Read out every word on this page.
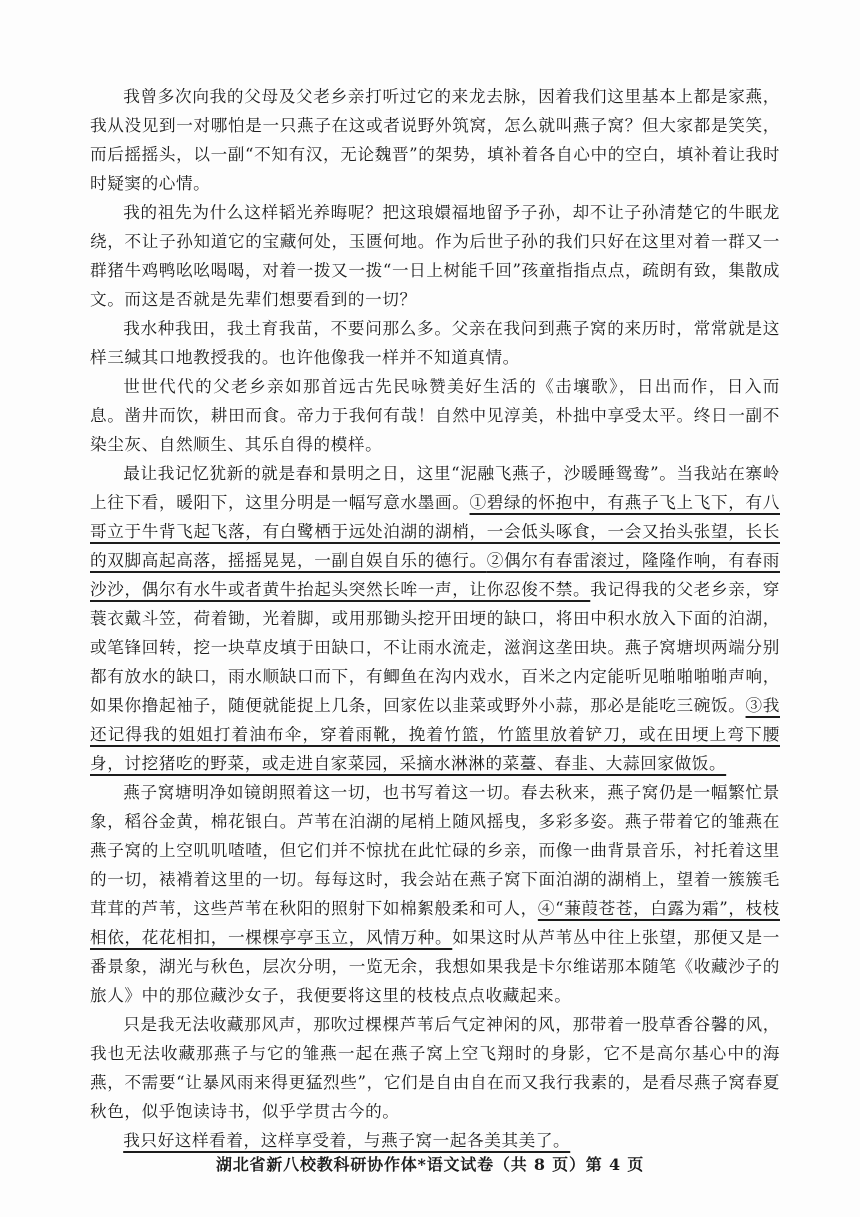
我曾多次向我的父母及父老乡亲打听过它的来龙去脉，因着我们这里基本上都是家燕，我从没见到一对哪怕是一只燕子在这或者说野外筑窝，怎么就叫燕子窝？但大家都是笑笑，而后摇摇头，以一副“不知有汉，无论魏晋”的架势，填补着各自心中的空白，填补着让我时时疑窦的心情。

我的祖先为什么这样韬光养晦呢？把这琅嬛福地留予子孙，却不让子孙清楚它的牛眠龙绕，不让子孙知道它的宝藏何处，玉匮何地。作为后世子孙的我们只好在这里对着一群又一群猪牛鸡鸭吆吆喝喝，对着一拨又一拨“一日上树能千回”孩童指指点点，疏朗有致，集散成文。而这是否就是先辈们想要看到的一切？

我水种我田，我土育我苗，不要问那么多。父亲在我问到燕子窝的来历时，常常就是这样三缄其口地教授我的。也许他像我一样并不知道真情。

世世代代的父老乡亲如那首远古先民咏赞美好生活的《击壤歌》，日出而作，日入而息。凿井而饮，耕田而食。帝力于我何有哉！自然中见淳美，朴拙中享受太平。终日一副不染尘灰、自然顺生、其乐自得的模样。

最让我记忆犹新的就是春和景明之日，这里“泥融飞燕子，沙暖睡鸳鸯”。当我站在寨岭上往下看，暖阳下，这里分明是一幅写意水墨画。①碧绿的怀抱中，有燕子飞上飞下，有八哥立于牛背飞起飞落，有白鹭栖于远处泊湖的湖梢，一会低头啄食，一会又抬头张望，长长的双脚高起高落，摇摇晃晃，一副自娱自乐的德行。②偶尔有春雷滚过，隆隆作响，有春雨沙沙，偶尔有水牛或者黄牛抬起头突然长哞一声，让你忍俊不禁。我记得我的父老乡亲，穿蓑衣戴斗笠，荷着锄，光着脚，或用那锄头挖开田埂的缺口，将田中积水放入下面的泊湖，或笔锋回转，挖一块草皮填于田缺口，不让雨水流走，滋润这垄田块。燕子窝塘坝两端分别都有放水的缺口，雨水顺缺口而下，有鲫鱼在沟内戏水，百米之内定能听见啪啪啪啪声响，如果你撸起袖子，随便就能捉上几条，回家佐以韭菜或野外小蒜，那必是能吃三碗饭。③我还记得我的姐姐打着油布伞，穿着雨靴，挽着竹篮，竹篮里放着铲刀，或在田埂上弯下腰身，讨挖猪吃的野菜，或走进自家菜园，采摘水淋淋的菜薹、春韭、大蒜回家做饭。

燕子窝塘明净如镜朗照着这一切，也书写着这一切。春去秋来，燕子窝仍是一幅繁忙景象，稻谷金黄，棉花银白。芦苇在泊湖的尾梢上随风摇曳，多彩多姿。燕子带着它的雏燕在燕子窝的上空叽叽喳喳，但它们并不惊扰在此忙碌的乡亲，而像一曲背景音乐，衬托着这里的一切，裱褙着这里的一切。每每这时，我会站在燕子窝下面泊湖的湖梢上，望着一簇簇毛茸茸的芦苇，这些芦苇在秋阳的照射下如棉絮般柔和可人，④“蒹葭苍苍，白露为霜”，枝枝相依，花花相扣，一棵棵亭亭玉立，风情万种。如果这时从芦苇丛中往上张望，那便又是一番景象，湖光与秋色，层次分明，一览无余，我想如果我是卡尔维诺那本随笔《收藏沙子的旅人》中的那位藏沙女子，我便要将这里的枝枝点点收藏起来。

只是我无法收藏那风声，那吹过棵棵芦苇后气定神闲的风，那带着一股草香谷馨的风，我也无法收藏那燕子与它的雏燕一起在燕子窝上空飞翔时的身影，它不是高尔基心中的海燕，不需要“让暴风雨来得更猛烈些”，它们是自由自在而又我行我素的，是看尽燕子窝春夏秋色，似乎饱读诗书，似乎学贯古今的。

我只好这样看着，这样享受着，与燕子窝一起各美其美了。

湖北省新八校教科研协作体*语文试卷（共 8 页）第 4 页
